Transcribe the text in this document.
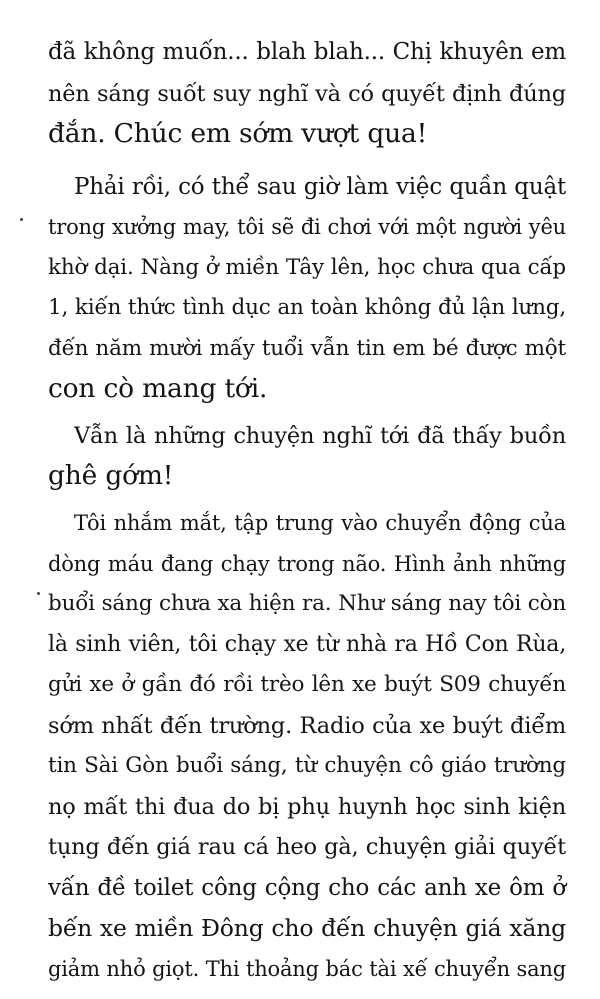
đã không muốn... blah blah... Chị khuyên em
nên sáng suốt suy nghĩ và có quyết định đúng
đắn. Chúc em sớm vượt qua!
Phải rồi, có thể sau giờ làm việc quần quật
trong xưởng may, tôi sẽ đi chơi với một người yêu
khờ dại. Nàng ở miền Tây lên, học chưa qua cấp
1, kiến thức tình dục an toàn không đủ lận lưng,
đến năm mười mấy tuổi vẫn tin em bé được một
con cò mang tới.
Vẫn là những chuyện nghĩ tới đã thấy buồn
ghê gớm!
Tôi nhắm mắt, tập trung vào chuyển động của
dòng máu đang chạy trong não. Hình ảnh những
buổi sáng chưa xa hiện ra. Như sáng nay tôi còn
là sinh viên, tôi chạy xe từ nhà ra Hồ Con Rùa,
gửi xe ở gần đó rồi trèo lên xe buýt S09 chuyến
sớm nhất đến trường. Radio của xe buýt điểm
tin Sài Gòn buổi sáng, từ chuyện cô giáo trường
nọ mất thi đua do bị phụ huynh học sinh kiện
tụng đến giá rau cá heo gà, chuyện giải quyết
vấn đề toilet công cộng cho các anh xe ôm ở
bến xe miền Đông cho đến chuyện giá xăng
giảm nhỏ giọt. Thi thoảng bác tài xế chuyển sang
